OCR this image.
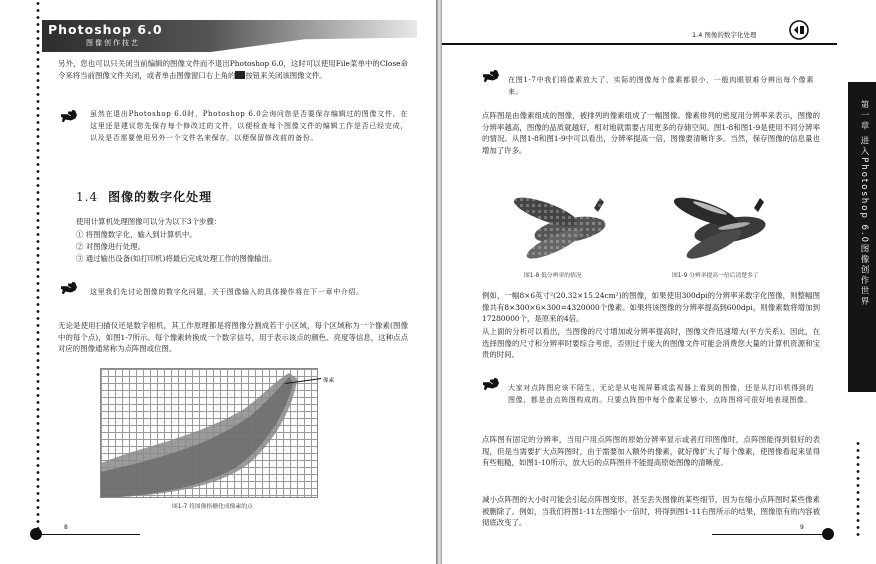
Photoshop 6.0
图像创作技艺
另外，您也可以只关闭当前编辑的图像文件而不退出Photoshop 6.0，这时可以使用File菜单中的Close命令来将当前图像文件关闭，或者单击图像窗口右上角的 按钮来关闭该图像文件。
虽然在退出Photoshop 6.0时，Photoshop 6.0会询问您是否要保存编辑过的图像文件，在这里还是建议您先保存每个修改过的文件，以便检查每个图像文件的编辑工作是否已经完成，以及是否需要使用另外一个文件名来保存，以便保留修改前的备份。
1.4 图像的数字化处理
使用计算机处理图像可以分为以下3个步骤：
① 将图像数字化，输入到计算机中。
② 对图像进行处理。
③ 通过输出设备(如打印机)将最后完成处理工作的图像输出。
这里我们先讨论图像的数字化问题，关于图像输入的具体操作将在下一章中介绍。
无论是使用扫描仪还是数字相机，其工作原理都是将图像分割成若干小区域，每个区域称为一个像素(图像中的每个点)，如图1-7所示。每个像素转换成一个数字信号，用于表示该点的颜色、亮度等信息，这种点点对应的图像通常称为点阵图或位图。
像素
图1-7 将图像格栅化成像素的点
8
1.4 图像的数字化处理
第一章 进入Photoshop 6.0图像创作世界
在图1-7中我们将像素放大了，实际的图像每个像素都很小，一般肉眼很难分辨出每个像素来。
点阵图是由像素组成的图像，被排列的像素组成了一幅图像。像素排列的密度用分辨率来表示，图像的分辨率越高，图像的品质就越好，相对地就需要占用更多的存储空间。图1-8和图1-9是使用不同分辨率的情况。从图1-8和图1-9中可以看出，分辨率提高一倍，图像要清晰许多。当然，保存图像的信息量也增加了许多。
图1-8 低分辨率的情况	图1-9 分辨率提高一倍后清楚多了
例如，一幅8×6英寸²(20.32×15.24cm²)的图像，如果使用300dpi的分辨率来数字化图像，则整幅图像共有8×300×6×300=4320000个像素。如果将该图像的分辨率提高到600dpi，则像素数将增加到17280000个，是原来的4倍。
从上面的分析可以看出，当图像的尺寸增加或分辨率提高时，图像文件迅速增大(平方关系)。因此，在选择图像的尺寸和分辨率时要综合考虑，否则过于庞大的图像文件可能会消费您大量的计算机资源和宝贵的时间。
大家对点阵图应该不陌生，无论是从电视屏幕或监视器上看到的图像，还是从打印机得到的图像，都是由点阵图构成的。只要点阵图中每个像素足够小，点阵图将可很好地表现图像。
点阵图有固定的分辨率，当用户用点阵图的原始分辨率显示或者打印图像时，点阵图能得到很好的表现，但是当需要扩大点阵图时，由于需要加入额外的像素，就好像扩大了每个像素，使图像看起来显得有些粗糙，如图1-10所示，放大后的点阵图并不能提高原始图像的清晰度。
减小点阵图的大小时可能会引起点阵图变形，甚至丢失图像的某些细节，因为在缩小点阵图时某些像素被删除了。例如，当我们将图1-11左图缩小一倍时，将得到图1-11右图所示的结果，图像原有的内容被彻底改变了。
9
